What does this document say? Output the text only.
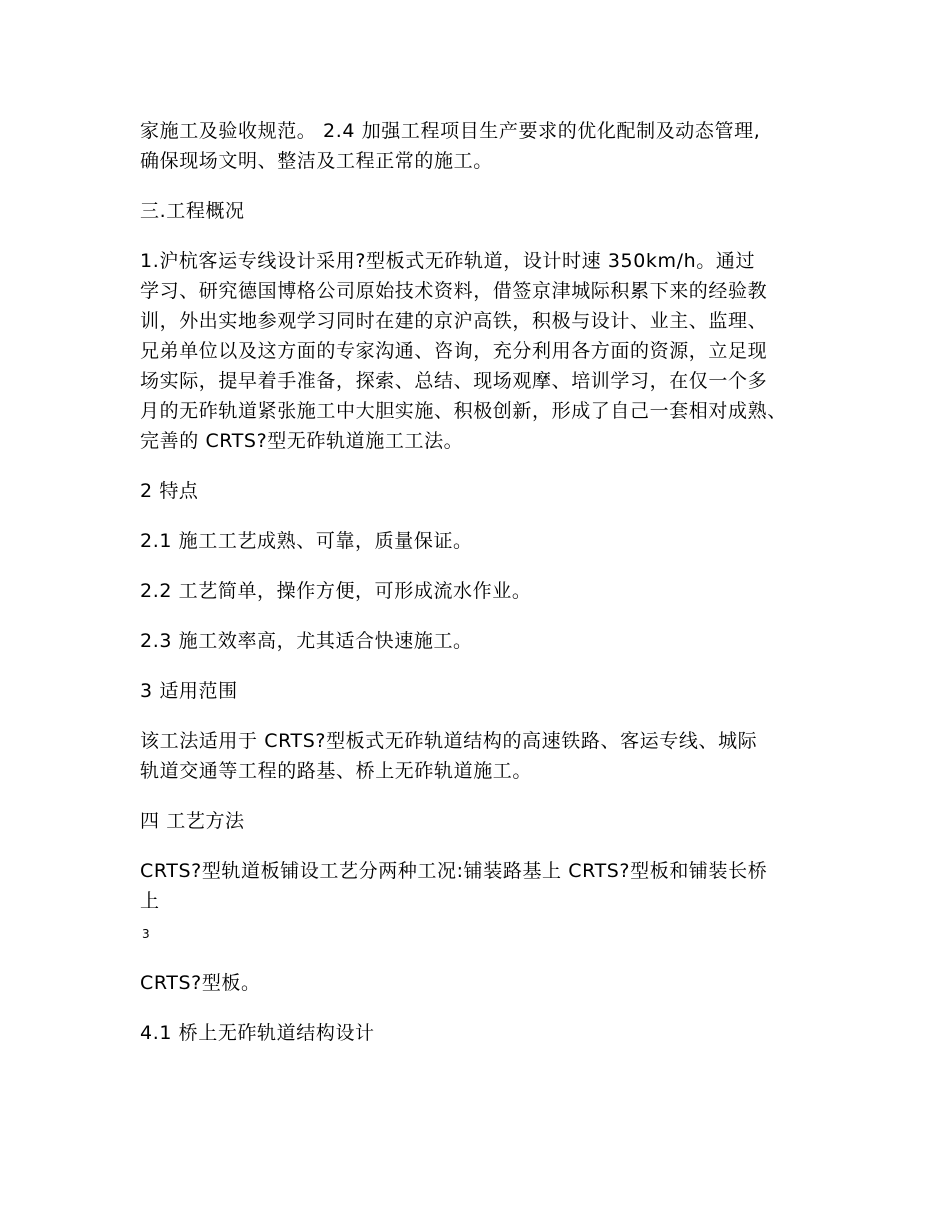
家施工及验收规范。 2.4 加强工程项目生产要求的优化配制及动态管理,
确保现场文明、整洁及工程正常的施工。

三.工程概况

1.沪杭客运专线设计采用?型板式无砟轨道，设计时速 350km/h。通过
学习、研究德国博格公司原始技术资料，借签京津城际积累下来的经验教
训，外出实地参观学习同时在建的京沪高铁，积极与设计、业主、监理、
兄弟单位以及这方面的专家沟通、咨询，充分利用各方面的资源，立足现
场实际，提早着手准备，探索、总结、现场观摩、培训学习，在仅一个多
月的无砟轨道紧张施工中大胆实施、积极创新，形成了自己一套相对成熟、
完善的 CRTS?型无砟轨道施工工法。

2 特点

2.1 施工工艺成熟、可靠，质量保证。

2.2 工艺简单，操作方便，可形成流水作业。

2.3 施工效率高，尤其适合快速施工。

3 适用范围

该工法适用于 CRTS?型板式无砟轨道结构的高速铁路、客运专线、城际
轨道交通等工程的路基、桥上无砟轨道施工。

四 工艺方法

CRTS?型轨道板铺设工艺分两种工况:铺装路基上 CRTS?型板和铺装长桥
上

3

CRTS?型板。

4.1 桥上无砟轨道结构设计
